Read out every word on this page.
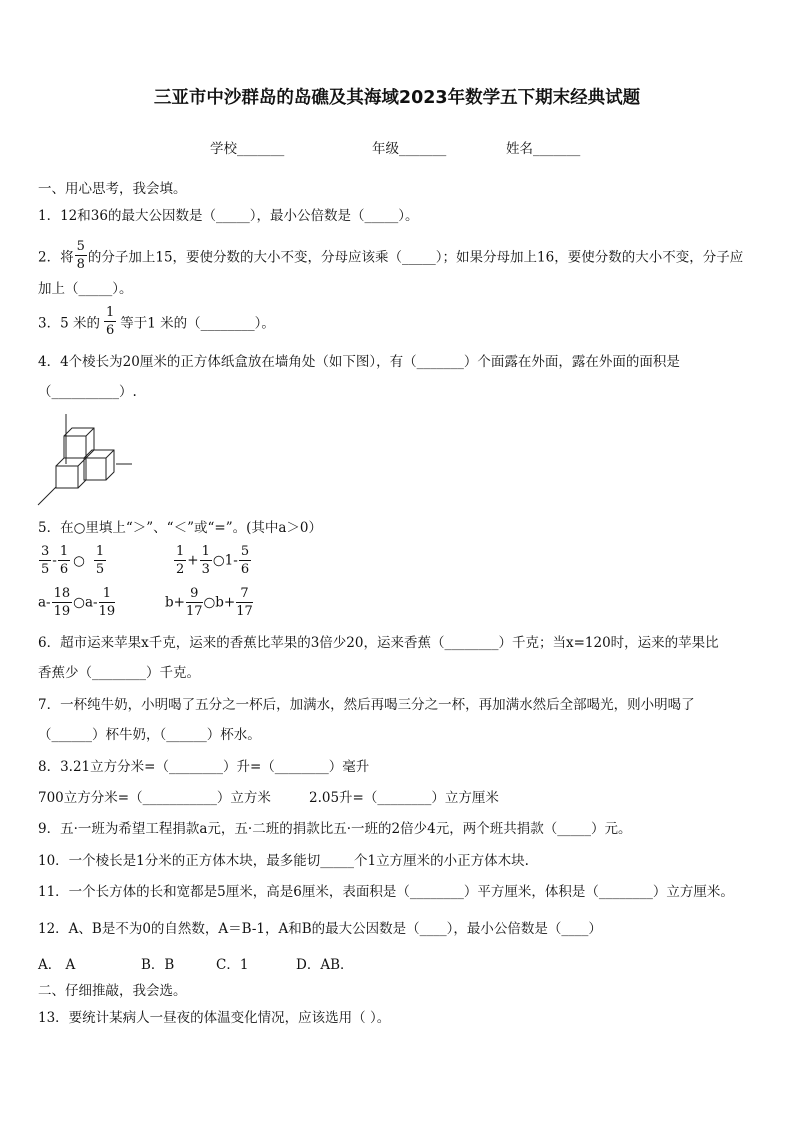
三亚市中沙群岛的岛礁及其海域2023年数学五下期末经典试题
学校_______	年级_______	姓名_______
一、用心思考，我会填。
1．12和36的最大公因数是（_____），最小公倍数是（_____）。
2．将 $\frac{5}{8}$ 的分子加上15，要使分数的大小不变，分母应该乘（_____）；如果分母加上16，要使分数的大小不变，分子应
加上（_____）。
3．5 米的 $\frac{1}{6}$ 等于1 米的（________）。
4．4个棱长为20厘米的正方体纸盒放在墙角处（如下图），有（_______）个面露在外面，露在外面的面积是
（__________）.
5．在○里填上“＞”、“＜”或“=”。(其中a＞0）
$\frac{3}{5} - \frac{1}{6}$ ○ $\frac{1}{5}$	$\frac{1}{2} + \frac{1}{3}$ ○1- $\frac{5}{6}$
$a- \frac{18}{19}$ ○a- $\frac{1}{19}$	$b+ \frac{9}{17}$ ○b+ $\frac{7}{17}$
6．超市运来苹果x千克，运来的香蕉比苹果的3倍少20，运来香蕉（________）千克；当x=120时，运来的苹果比
香蕉少（________）千克。
7．一杯纯牛奶，小明喝了五分之一杯后，加满水，然后再喝三分之一杯，再加满水然后全部喝光，则小明喝了
（______）杯牛奶，（______）杯水。
8．3.21立方分米=（________）升=（________）毫升
700立方分米=（___________）立方米	2.05升=（________）立方厘米
9．五·一班为希望工程捐款a元，五·二班的捐款比五·一班的2倍少4元，两个班共捐款（_____）元。
10．一个棱长是1分米的正方体木块，最多能切_____个1立方厘米的小正方体木块.
11．一个长方体的长和宽都是5厘米，高是6厘米，表面积是（________）平方厘米，体积是（________）立方厘米。
12．A、B是不为0的自然数，A＝B-1，A和B的最大公因数是（____），最小公倍数是（____）
A． A	B．B	C．1	D．AB．
二、仔细推敲，我会选。
13．要统计某病人一昼夜的体温变化情况，应该选用（ ）。
